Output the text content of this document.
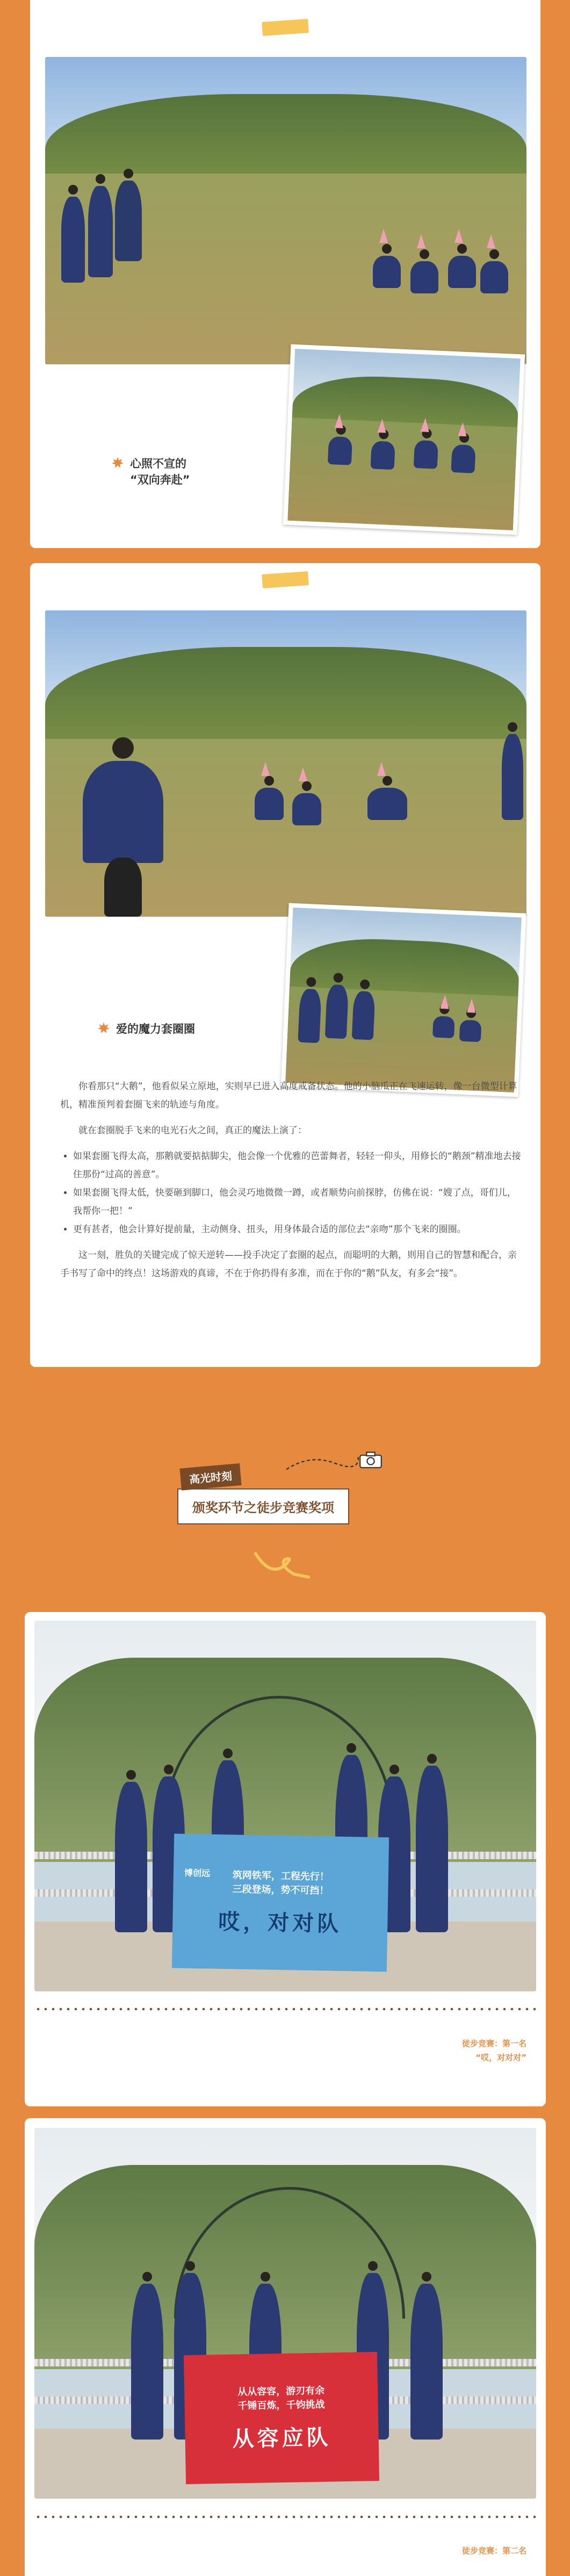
心照不宣的
“双向奔赴”
爱的魔力套圈圈

你看那只“大鹅”，他看似呆立原地，实则早已进入高度戒备状态。他的小脑瓜正在飞速运转，像一台微型计算机，精准预判着套圈飞来的轨迹与角度。

就在套圈脱手飞来的电光石火之间，真正的魔法上演了：

• 如果套圈飞得太高，那鹅就要掂掂脚尖，他会像一个优雅的芭蕾舞者，轻轻一仰头，用修长的“鹅颈”精准地去接住那份“过高的善意”。
• 如果套圈飞得太低，快要砸到脚口，他会灵巧地微微一蹲，或者顺势向前探脖，仿佛在说：“嫂了点，哥们儿，我帮你一把！”
• 更有甚者，他会计算好提前量，主动侧身、扭头，用身体最合适的部位去“亲吻”那个飞来的圈圈。

这一刻，胜负的关键完成了惊天逆转——投手决定了套圈的起点，而聪明的大鹅，则用自己的智慧和配合，亲手书写了命中的终点！这场游戏的真谛，不在于你扔得有多准，而在于你的“鹅”队友，有多会“接”。

颁奖环节之徒步竞赛奖项
高光时刻
博创远 筑网铁军，工程先行！
三段登场，势不可挡！
哎，对对队
徒步竞赛：第一名
“哎，对对对”
从从容容，游刃有余
千锤百炼，千钧挑战
从容应队
徒步竞赛：第二名
